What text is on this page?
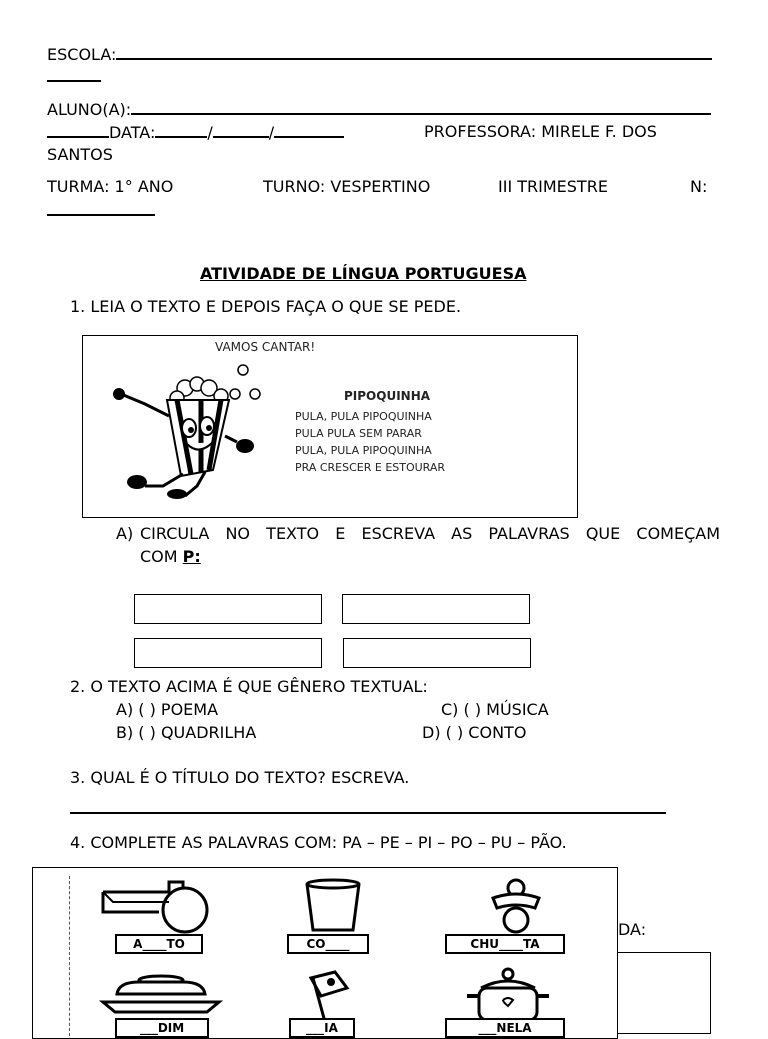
ESCOLA:
ALUNO(A):
DATA:	/	/	PROFESSORA: MIRELE F. DOS
SANTOS
TURMA: 1° ANO	TURNO: VESPERTINO	III TRIMESTRE	N:
ATIVIDADE DE LÍNGUA PORTUGUESA
1. LEIA O TEXTO E DEPOIS FAÇA O QUE SE PEDE.
VAMOS CANTAR!
PIPOQUINHA
PULA, PULA PIPOQUINHA
PULA PULA SEM PARAR
PULA, PULA PIPOQUINHA
PRA CRESCER E ESTOURAR
A) CIRCULA NO TEXTO E ESCREVA AS PALAVRAS QUE COMEÇAM
COM P:
2. O TEXTO ACIMA É QUE GÊNERO TEXTUAL:
A) ( ) POEMA	C) ( ) MÚSICA
B) ( ) QUADRILHA	D) ( ) CONTO
3. QUAL É O TÍTULO DO TEXTO? ESCREVA.
4. COMPLETE AS PALAVRAS COM: PA – PE – PI – PO – PU – PÃO.
DA:
A____TO	CO____	CHU____TA
___DIM	___IA	___NELA
